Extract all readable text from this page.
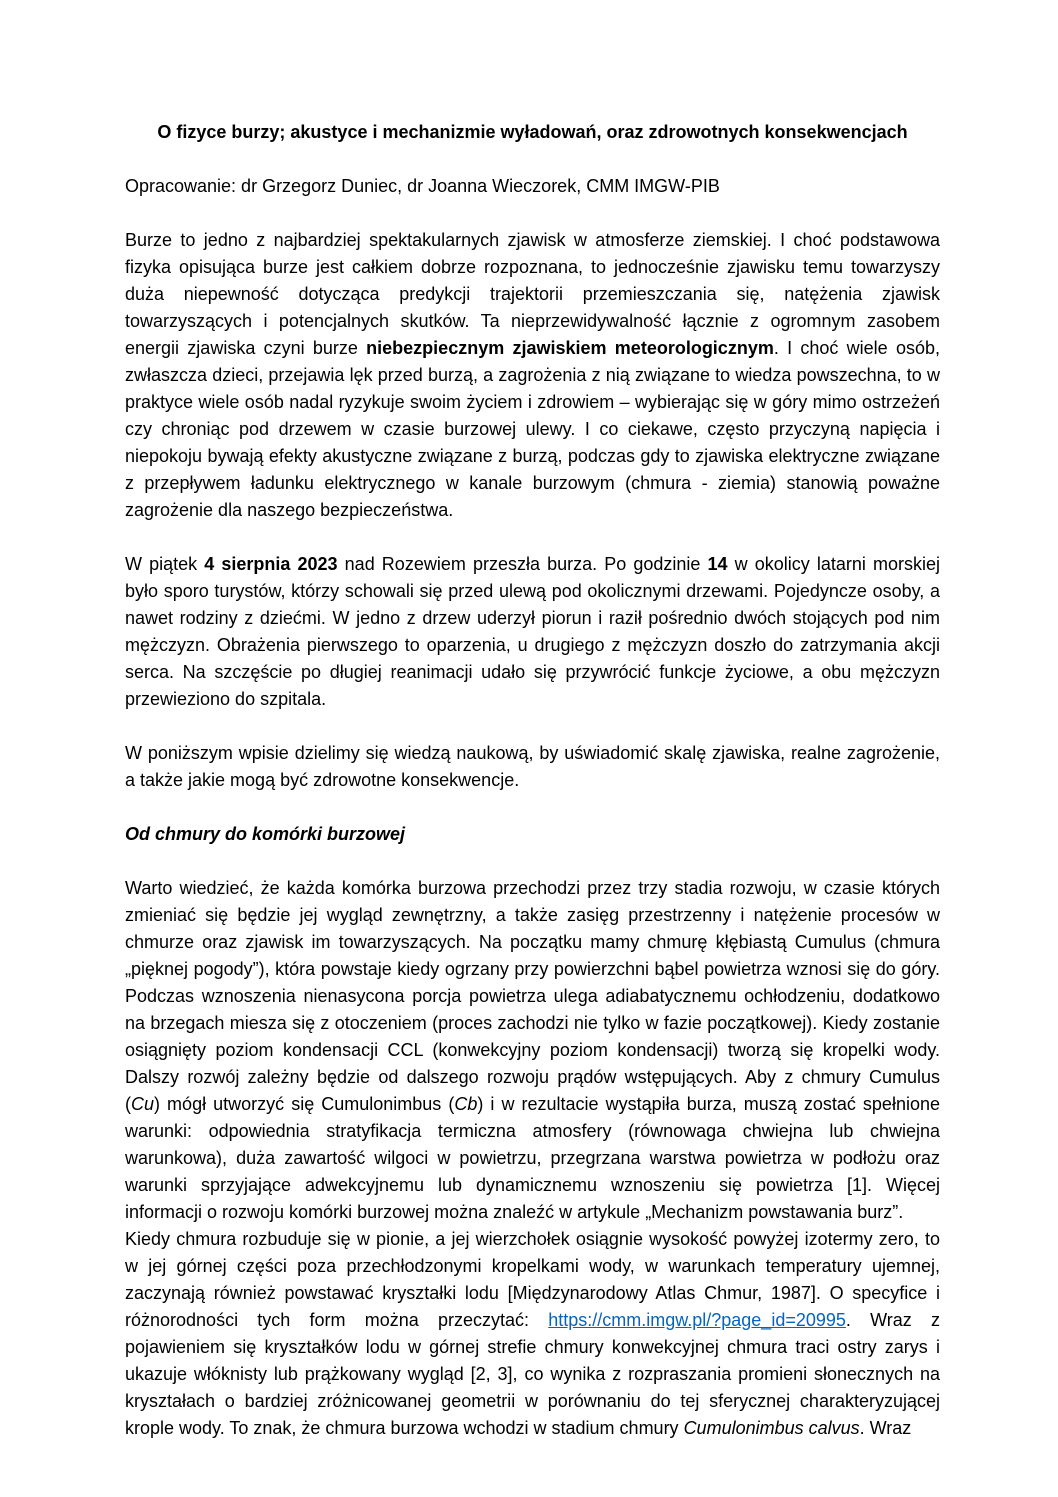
O fizyce burzy; akustyce i mechanizmie wyładowań, oraz zdrowotnych konsekwencjach

Opracowanie: dr Grzegorz Duniec, dr Joanna Wieczorek, CMM IMGW-PIB

Burze to jedno z najbardziej spektakularnych zjawisk w atmosferze ziemskiej. I choć podstawowa fizyka opisująca burze jest całkiem dobrze rozpoznana, to jednocześnie zjawisku temu towarzyszy duża niepewność dotycząca predykcji trajektorii przemieszczania się, natężenia zjawisk towarzyszących i potencjalnych skutków. Ta nieprzewidywalność łącznie z ogromnym zasobem energii zjawiska czyni burze niebezpiecznym zjawiskiem meteorologicznym. I choć wiele osób, zwłaszcza dzieci, przejawia lęk przed burzą, a zagrożenia z nią związane to wiedza powszechna, to w praktyce wiele osób nadal ryzykuje swoim życiem i zdrowiem – wybierając się w góry mimo ostrzeżeń czy chroniąc pod drzewem w czasie burzowej ulewy. I co ciekawe, często przyczyną napięcia i niepokoju bywają efekty akustyczne związane z burzą, podczas gdy to zjawiska elektryczne związane z przepływem ładunku elektrycznego w kanale burzowym (chmura - ziemia) stanowią poważne zagrożenie dla naszego bezpieczeństwa.

W piątek 4 sierpnia 2023 nad Rozewiem przeszła burza. Po godzinie 14 w okolicy latarni morskiej było sporo turystów, którzy schowali się przed ulewą pod okolicznymi drzewami. Pojedyncze osoby, a nawet rodziny z dziećmi. W jedno z drzew uderzył piorun i raził pośrednio dwóch stojących pod nim mężczyzn. Obrażenia pierwszego to oparzenia, u drugiego z mężczyzn doszło do zatrzymania akcji serca. Na szczęście po długiej reanimacji udało się przywrócić funkcje życiowe, a obu mężczyzn przewieziono do szpitala.

W poniższym wpisie dzielimy się wiedzą naukową, by uświadomić skalę zjawiska, realne zagrożenie, a także jakie mogą być zdrowotne konsekwencje.

Od chmury do komórki burzowej

Warto wiedzieć, że każda komórka burzowa przechodzi przez trzy stadia rozwoju, w czasie których zmieniać się będzie jej wygląd zewnętrzny, a także zasięg przestrzenny i natężenie procesów w chmurze oraz zjawisk im towarzyszących. Na początku mamy chmurę kłębiastą Cumulus (chmura „pięknej pogody”), która powstaje kiedy ogrzany przy powierzchni bąbel powietrza wznosi się do góry. Podczas wznoszenia nienasycona porcja powietrza ulega adiabatycznemu ochłodzeniu, dodatkowo na brzegach miesza się z otoczeniem (proces zachodzi nie tylko w fazie początkowej). Kiedy zostanie osiągnięty poziom kondensacji CCL (konwekcyjny poziom kondensacji) tworzą się kropelki wody. Dalszy rozwój zależny będzie od dalszego rozwoju prądów wstępujących. Aby z chmury Cumulus (Cu) mógł utworzyć się Cumulonimbus (Cb) i w rezultacie wystąpiła burza, muszą zostać spełnione warunki: odpowiednia stratyfikacja termiczna atmosfery (równowaga chwiejna lub chwiejna warunkowa), duża zawartość wilgoci w powietrzu, przegrzana warstwa powietrza w podłożu oraz warunki sprzyjające adwekcyjnemu lub dynamicznemu wznoszeniu się powietrza [1]. Więcej informacji o rozwoju komórki burzowej można znaleźć w artykule „Mechanizm powstawania burz”.

Kiedy chmura rozbuduje się w pionie, a jej wierzchołek osiągnie wysokość powyżej izotermy zero, to w jej górnej części poza przechłodzonymi kropelkami wody, w warunkach temperatury ujemnej, zaczynają również powstawać kryształki lodu [Międzynarodowy Atlas Chmur, 1987]. O specyfice i różnorodności tych form można przeczytać: https://cmm.imgw.pl/?page_id=20995. Wraz z pojawieniem się kryształków lodu w górnej strefie chmury konwekcyjnej chmura traci ostry zarys i ukazuje włóknisty lub prążkowany wygląd [2, 3], co wynika z rozpraszania promieni słonecznych na kryształach o bardziej zróżnicowanej geometrii w porównaniu do tej sferycznej charakteryzującej krople wody. To znak, że chmura burzowa wchodzi w stadium chmury Cumulonimbus calvus. Wraz
